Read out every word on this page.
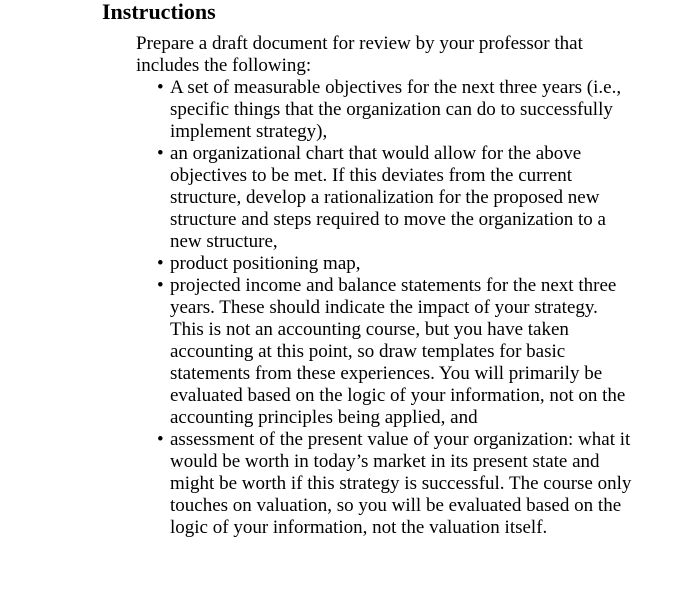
Instructions

Prepare a draft document for review by your professor that includes the following:

• A set of measurable objectives for the next three years (i.e., specific things that the organization can do to successfully implement strategy),
• an organizational chart that would allow for the above objectives to be met. If this deviates from the current structure, develop a rationalization for the proposed new structure and steps required to move the organization to a new structure,
• product positioning map,
• projected income and balance statements for the next three years. These should indicate the impact of your strategy. This is not an accounting course, but you have taken accounting at this point, so draw templates for basic statements from these experiences. You will primarily be evaluated based on the logic of your information, not on the accounting principles being applied, and
• assessment of the present value of your organization: what it would be worth in today’s market in its present state and might be worth if this strategy is successful. The course only touches on valuation, so you will be evaluated based on the logic of your information, not the valuation itself.
